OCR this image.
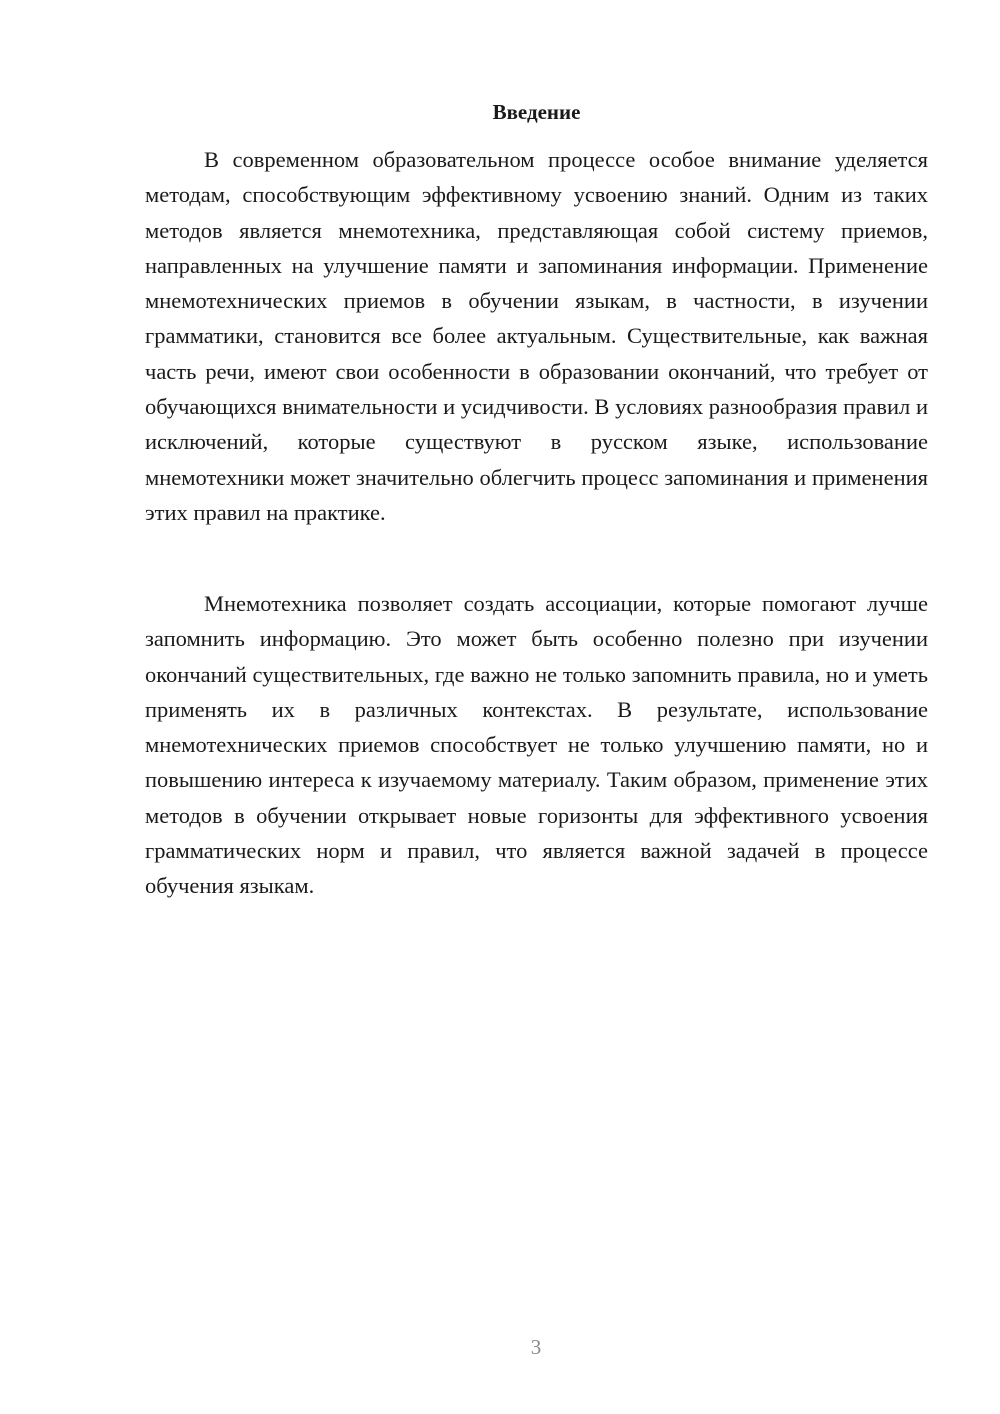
Введение

В современном образовательном процессе особое внимание уделяется методам, способствующим эффективному усвоению знаний. Одним из таких методов является мнемотехника, представляющая собой систему приемов, направленных на улучшение памяти и запоминания информации. Применение мнемотехнических приемов в обучении языкам, в частности, в изучении грамматики, становится все более актуальным. Существительные, как важная часть речи, имеют свои особенности в образовании окончаний, что требует от обучающихся внимательности и усидчивости. В условиях разнообразия правил и исключений, которые существуют в русском языке, использование мнемотехники может значительно облегчить процесс запоминания и применения этих правил на практике.

Мнемотехника позволяет создать ассоциации, которые помогают лучше запомнить информацию. Это может быть особенно полезно при изучении окончаний существительных, где важно не только запомнить правила, но и уметь применять их в различных контекстах. В результате, использование мнемотехнических приемов способствует не только улучшению памяти, но и повышению интереса к изучаемому материалу. Таким образом, применение этих методов в обучении открывает новые горизонты для эффективного усвоения грамматических норм и правил, что является важной задачей в процессе обучения языкам.

3
